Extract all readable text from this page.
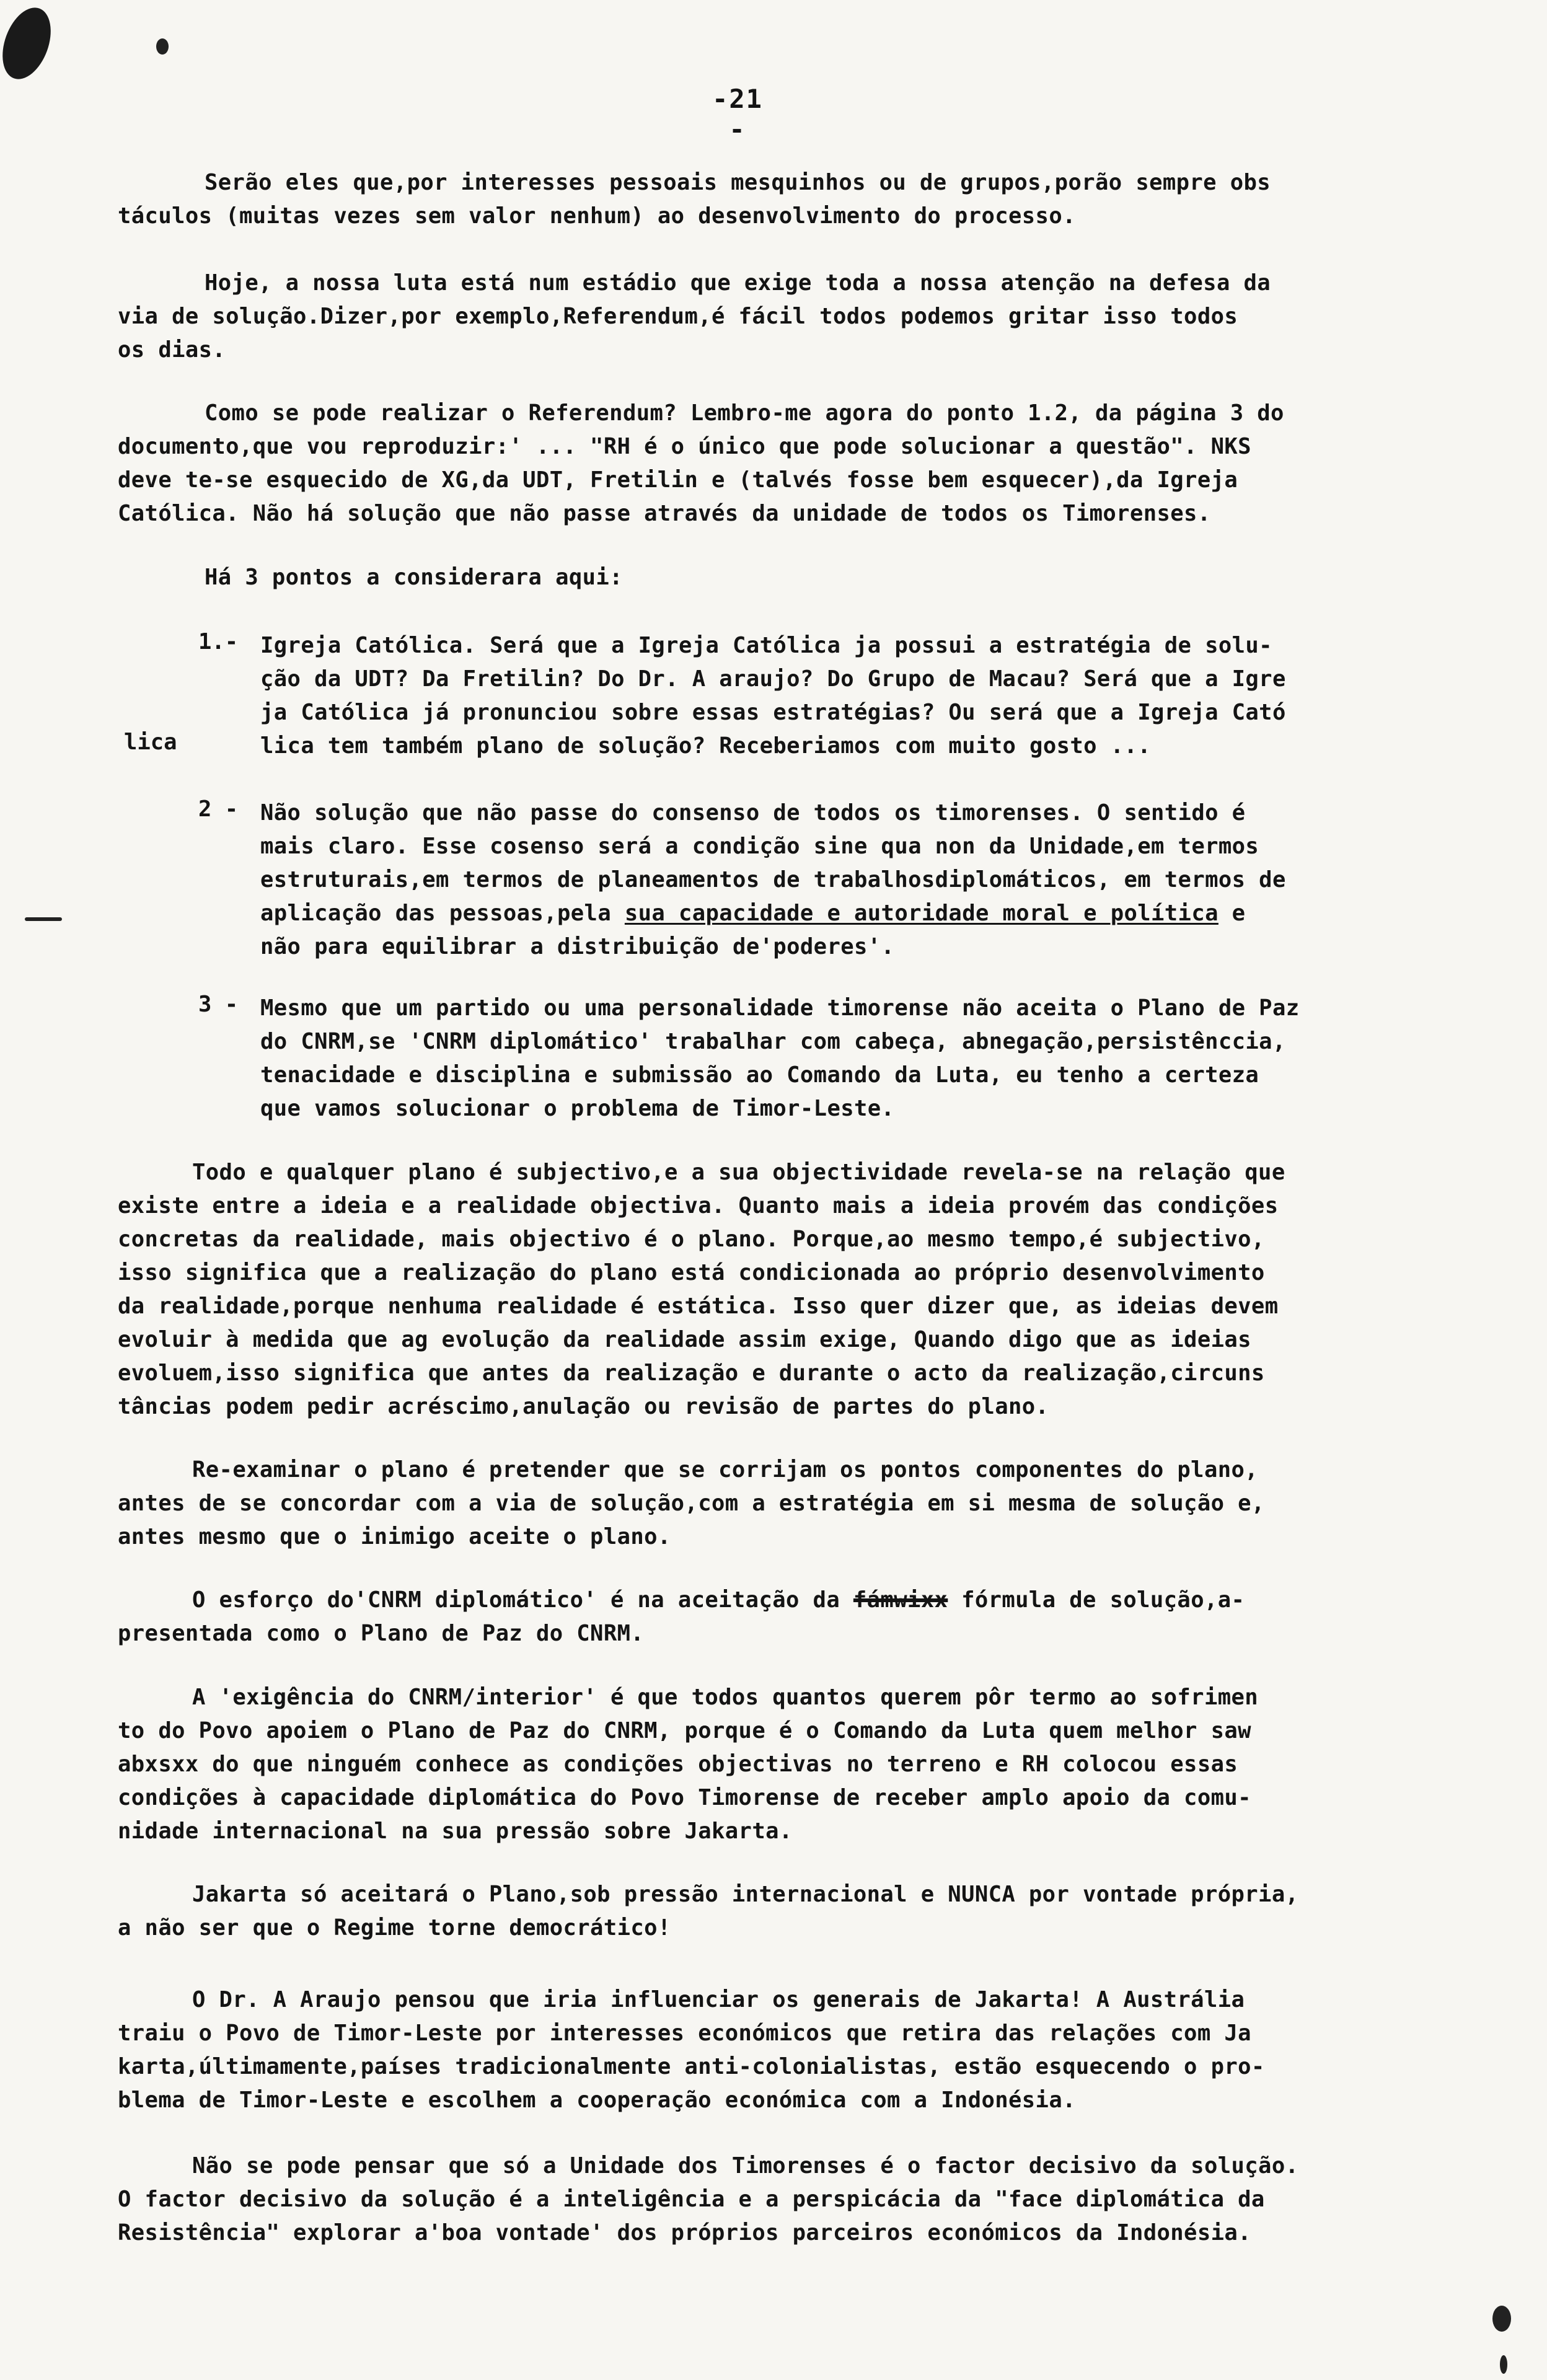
-21 -
Serão eles que,por interesses pessoais mesquinhos ou de grupos,porão sempre obs
táculos (muitas vezes sem valor nenhum) ao desenvolvimento do processo.
Hoje, a nossa luta está num estádio que exige toda a nossa atenção na defesa da
via de solução.Dizer,por exemplo,Referendum,é fácil todos podemos gritar isso todos
os dias.
Como se pode realizar o Referendum? Lembro-me agora do ponto 1.2, da página 3 do
documento,que vou reproduzir:' ... "RH é o único que pode solucionar a questão". NKS
deve te-se esquecido de XG,da UDT, Fretilin e (talvés fosse bem esquecer),da Igreja
Católica. Não há solução que não passe através da unidade de todos os Timorenses.
Há 3 pontos a considerara aqui:
1.- Igreja Católica. Será que a Igreja Católica ja possui a estratégia de solu-
ção da UDT? Da Fretilin? Do Dr. A araujo? Do Grupo de Macau? Será que a Igre
ja Católica já pronunciou sobre essas estratégias? Ou será que a Igreja Cató
lica tem também plano de solução? Receberiamos com muito gosto ...
lica
2 - Não solução que não passe do consenso de todos os timorenses. O sentido é
mais claro. Esse cosenso será a condição sine qua non da Unidade,em termos
estruturais,em termos de planeamentos de trabalhosdiplomáticos, em termos de
aplicação das pessoas,pela sua capacidade e autoridade moral e política e
não para equilibrar a distribuição de'poderes'.
3 - Mesmo que um partido ou uma personalidade timorense não aceita o Plano de Paz
do CNRM,se 'CNRM diplomático' trabalhar com cabeça, abnegação,persistênccia,
tenacidade e disciplina e submissão ao Comando da Luta, eu tenho a certeza
que vamos solucionar o problema de Timor-Leste.
Todo e qualquer plano é subjectivo,e a sua objectividade revela-se na relação que
existe entre a ideia e a realidade objectiva. Quanto mais a ideia provém das condições
concretas da realidade, mais objectivo é o plano. Porque,ao mesmo tempo,é subjectivo,
isso significa que a realização do plano está condicionada ao próprio desenvolvimento
da realidade,porque nenhuma realidade é estática. Isso quer dizer que, as ideias devem
evoluir à medida que ag evolução da realidade assim exige, Quando digo que as ideias
evoluem,isso significa que antes da realização e durante o acto da realização,circuns
tâncias podem pedir acréscimo,anulação ou revisão de partes do plano.
Re-examinar o plano é pretender que se corrijam os pontos componentes do plano,
antes de se concordar com a via de solução,com a estratégia em si mesma de solução e,
antes mesmo que o inimigo aceite o plano.
O esforço do'CNRM diplomático' é na aceitação da fámwixx fórmula de solução,a-
presentada como o Plano de Paz do CNRM.
A 'exigência do CNRM/interior' é que todos quantos querem pôr termo ao sofrimen
to do Povo apoiem o Plano de Paz do CNRM, porque é o Comando da Luta quem melhor saw
abxsxx do que ninguém conhece as condições objectivas no terreno e RH colocou essas
condições à capacidade diplomática do Povo Timorense de receber amplo apoio da comu-
nidade internacional na sua pressão sobre Jakarta.
Jakarta só aceitará o Plano,sob pressão internacional e NUNCA por vontade própria,
a não ser que o Regime torne democrático!
O Dr. A Araujo pensou que iria influenciar os generais de Jakarta! A Austrália
traiu o Povo de Timor-Leste por interesses económicos que retira das relações com Ja
karta,últimamente,países tradicionalmente anti-colonialistas, estão esquecendo o pro-
blema de Timor-Leste e escolhem a cooperação económica com a Indonésia.
Não se pode pensar que só a Unidade dos Timorenses é o factor decisivo da solução.
O factor decisivo da solução é a inteligência e a perspicácia da "face diplomática da
Resistência" explorar a'boa vontade' dos próprios parceiros económicos da Indonésia.
